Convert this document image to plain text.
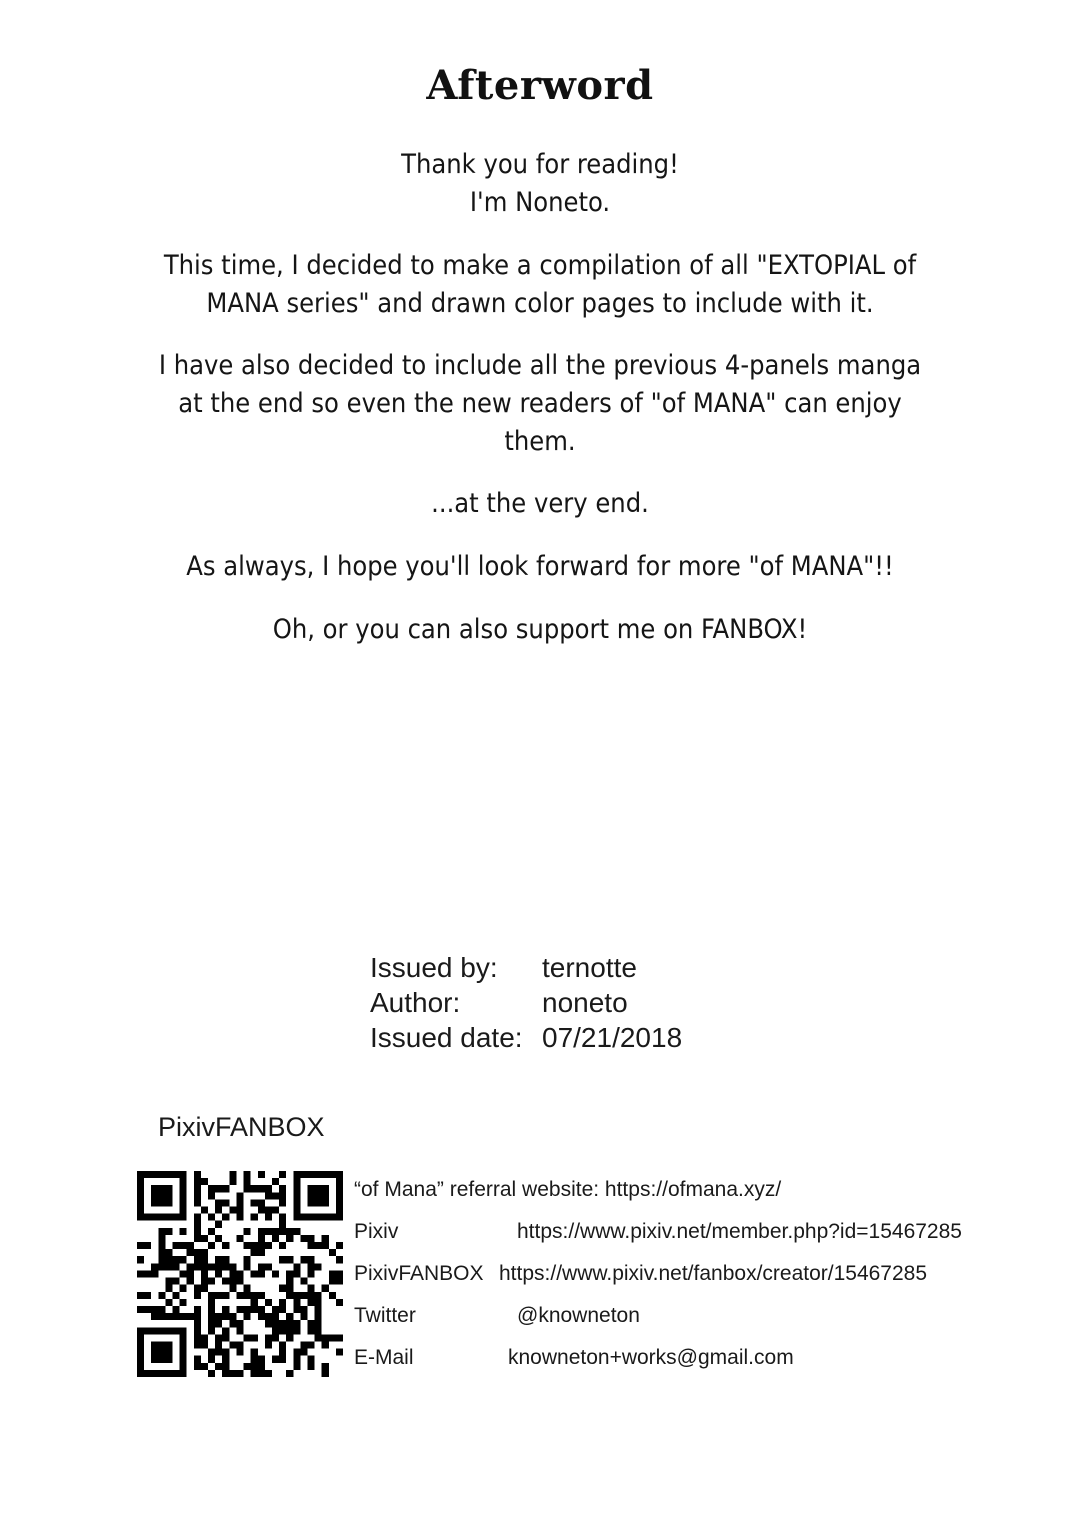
Afterword

Thank you for reading!
I'm Noneto.

This time, I decided to make a compilation of all "EXTOPIAL of
MANA series" and drawn color pages to include with it.

I have also decided to include all the previous 4-panels manga
at the end so even the new readers of "of MANA" can enjoy
them.

...at the very end.

As always, I hope you'll look forward for more "of MANA"!!

Oh, or you can also support me on FANBOX!

Issued by:	ternotte
Author:	noneto
Issued date: 07/21/2018
PixivFANBOX
“of Mana” referral website: https://ofmana.xyz/
Pixiv	https://www.pixiv.net/member.php?id=15467285
PixivFANBOX https://www.pixiv.net/fanbox/creator/15467285
Twitter	@knowneton
E-Mail	knowneton+works@gmail.com
